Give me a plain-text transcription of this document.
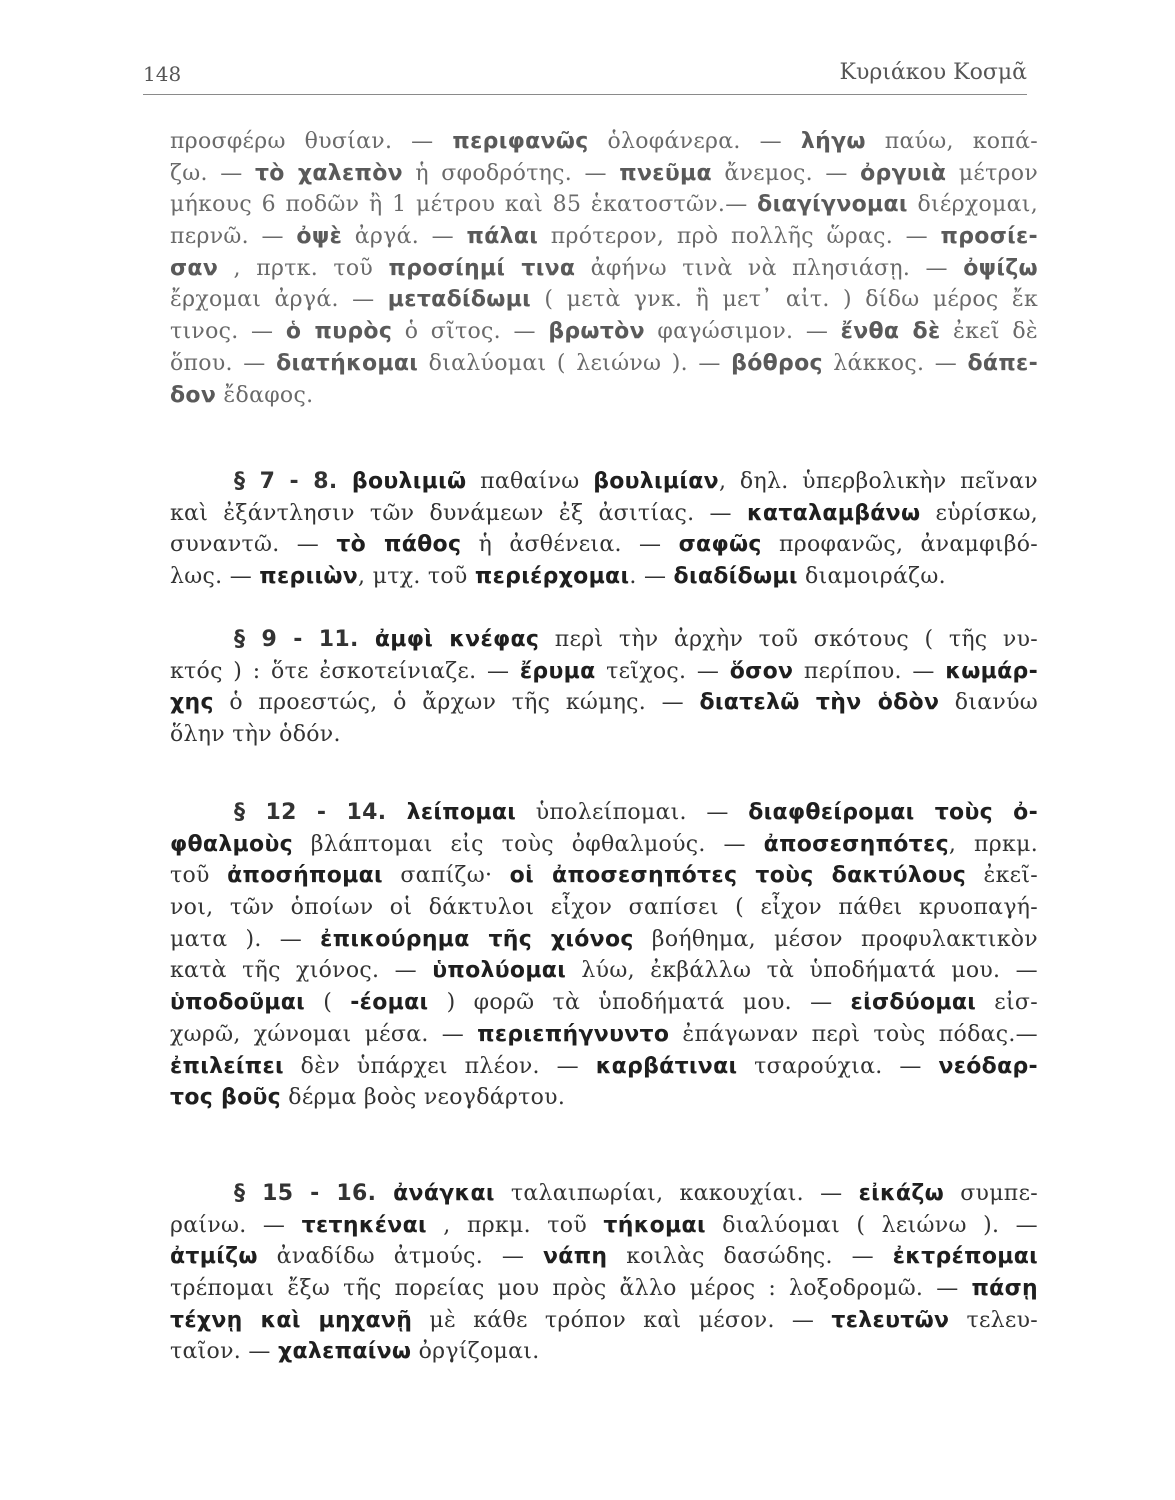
148	Κυριάκου Κοσμᾶ
προσφέρω θυσίαν. — περιφανῶς ὁλοφάνερα. — λήγω παύω, κοπά-
ζω. — τὸ χαλεπὸν ἡ σφοδρότης. — πνεῦμα ἄνεμος. — ὀργυιὰ μέτρον
μήκους 6 ποδῶν ἢ 1 μέτρου καὶ 85 ἑκατοστῶν.— διαγίγνομαι διέρχομαι,
περνῶ. — ὀψὲ ἀργά. — πάλαι πρότερον, πρὸ πολλῆς ὥρας. — προσίε-
σαν , πρτκ. τοῦ προσίημί τινα ἀφήνω τινὰ νὰ πλησιάσῃ. — ὀψίζω
ἔρχομαι ἀργά. — μεταδίδωμι ( μετὰ γνκ. ἢ μετ᾽ αἰτ. ) δίδω μέρος ἔκ
τινος. — ὁ πυρὸς ὁ σῖτος. — βρωτὸν φαγώσιμον. — ἔνθα δὲ ἐκεῖ δὲ
ὅπου. — διατήκομαι διαλύομαι ( λειώνω ). — βόθρος λάκκος. — δάπε-
δον ἔδαφος.
§ 7 - 8. βουλιμιῶ παθαίνω βουλιμίαν, δηλ. ὑπερβολικὴν πεῖναν
καὶ ἐξάντλησιν τῶν δυνάμεων ἐξ ἀσιτίας. — καταλαμβάνω εὑρίσκω,
συναντῶ. — τὸ πάθος ἡ ἀσθένεια. — σαφῶς προφανῶς, ἀναμφιβό-
λως. — περιιὼν, μτχ. τοῦ περιέρχομαι. — διαδίδωμι διαμοιράζω.
§ 9 - 11. ἀμφὶ κνέφας περὶ τὴν ἀρχὴν τοῦ σκότους ( τῆς νυ-
κτός ) : ὅτε ἐσκοτείνιαζε. — ἔρυμα τεῖχος. — ὅσον περίπου. — κωμάρ-
χης ὁ προεστώς, ὁ ἄρχων τῆς κώμης. — διατελῶ τὴν ὁδὸν διανύω
ὅλην τὴν ὁδόν.
§ 12 - 14. λείπομαι ὑπολείπομαι. — διαφθείρομαι τοὺς ὀ-
φθαλμοὺς βλάπτομαι εἰς τοὺς ὀφθαλμούς. — ἀποσεσηπότες, πρκμ.
τοῦ ἀποσήπομαι σαπίζω· οἱ ἀποσεσηπότες τοὺς δακτύλους ἐκεῖ-
νοι, τῶν ὁποίων οἱ δάκτυλοι εἶχον σαπίσει ( εἶχον πάθει κρυοπαγή-
ματα ). — ἐπικούρημα τῆς χιόνος βοήθημα, μέσον προφυλακτικὸν
κατὰ τῆς χιόνος. — ὑπολύομαι λύω, ἐκβάλλω τὰ ὑποδήματά μου. —
ὑποδοῦμαι ( -έομαι ) φορῶ τὰ ὑποδήματά μου. — εἰσδύομαι εἰσ-
χωρῶ, χώνομαι μέσα. — περιεπήγνυντο ἐπάγωναν περὶ τοὺς πόδας.—
ἐπιλείπει δὲν ὑπάρχει πλέον. — καρβάτιναι τσαρούχια. — νεόδαρ-
τος βοῦς δέρμα βοὸς νεογδάρτου.
§ 15 - 16. ἀνάγκαι ταλαιπωρίαι, κακουχίαι. — εἰκάζω συμπε-
ραίνω. — τετηκέναι , πρκμ. τοῦ τήκομαι διαλύομαι ( λειώνω ). —
ἀτμίζω ἀναδίδω ἀτμούς. — νάπη κοιλὰς δασώδης. — ἐκτρέπομαι
τρέπομαι ἔξω τῆς πορείας μου πρὸς ἄλλο μέρος : λοξοδρομῶ. — πάσῃ
τέχνῃ καὶ μηχανῇ μὲ κάθε τρόπον καὶ μέσον. — τελευτῶν τελευ-
ταῖον. — χαλεπαίνω ὀργίζομαι.
